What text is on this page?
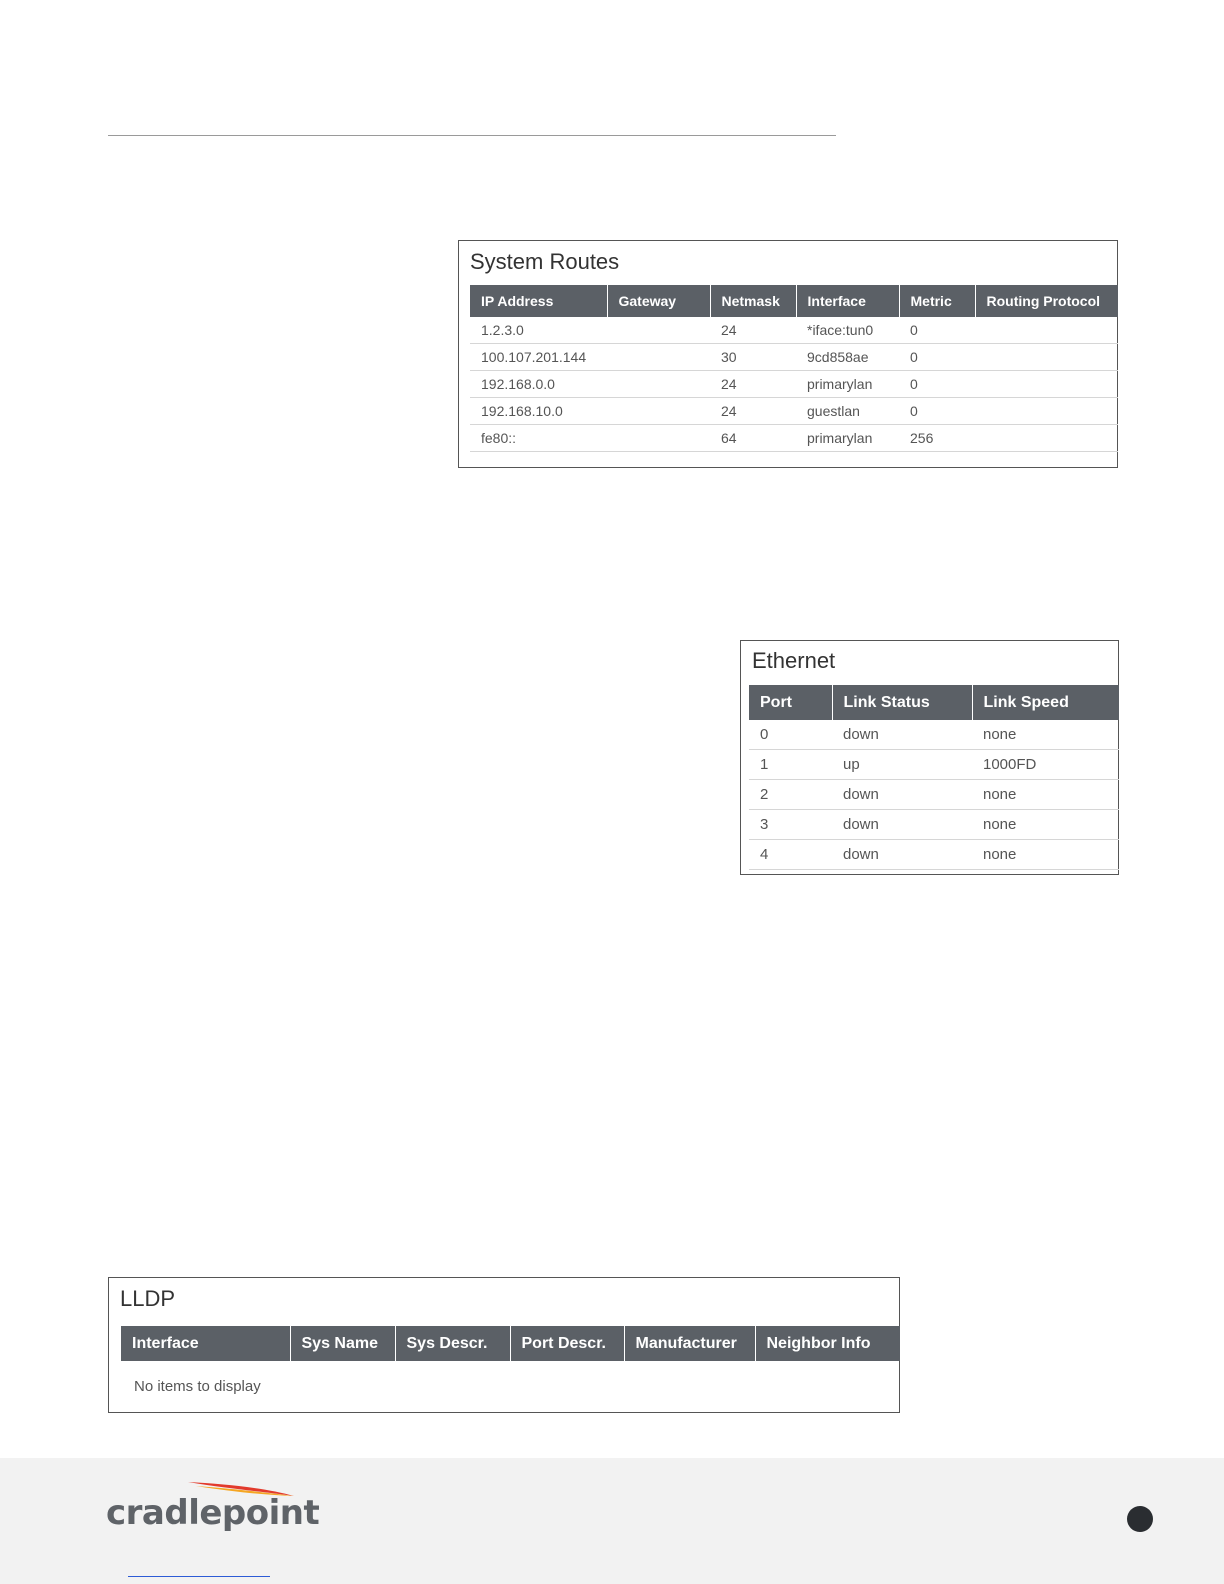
System Routes
IP Address	Gateway	Netmask	Interface	Metric	Routing Protocol
1.2.3.0		24	*iface:tun0	0	
100.107.201.144		30	9cd858ae	0	
192.168.0.0		24	primarylan	0	
192.168.10.0		24	guestlan	0	
fe80::		64	primarylan	256	
Ethernet
Port	Link Status	Link Speed
0	down	none
1	up	1000FD
2	down	none
3	down	none
4	down	none
LLDP
Interface	Sys Name	Sys Descr.	Port Descr.	Manufacturer	Neighbor Info
No items to display
cradlepoint
